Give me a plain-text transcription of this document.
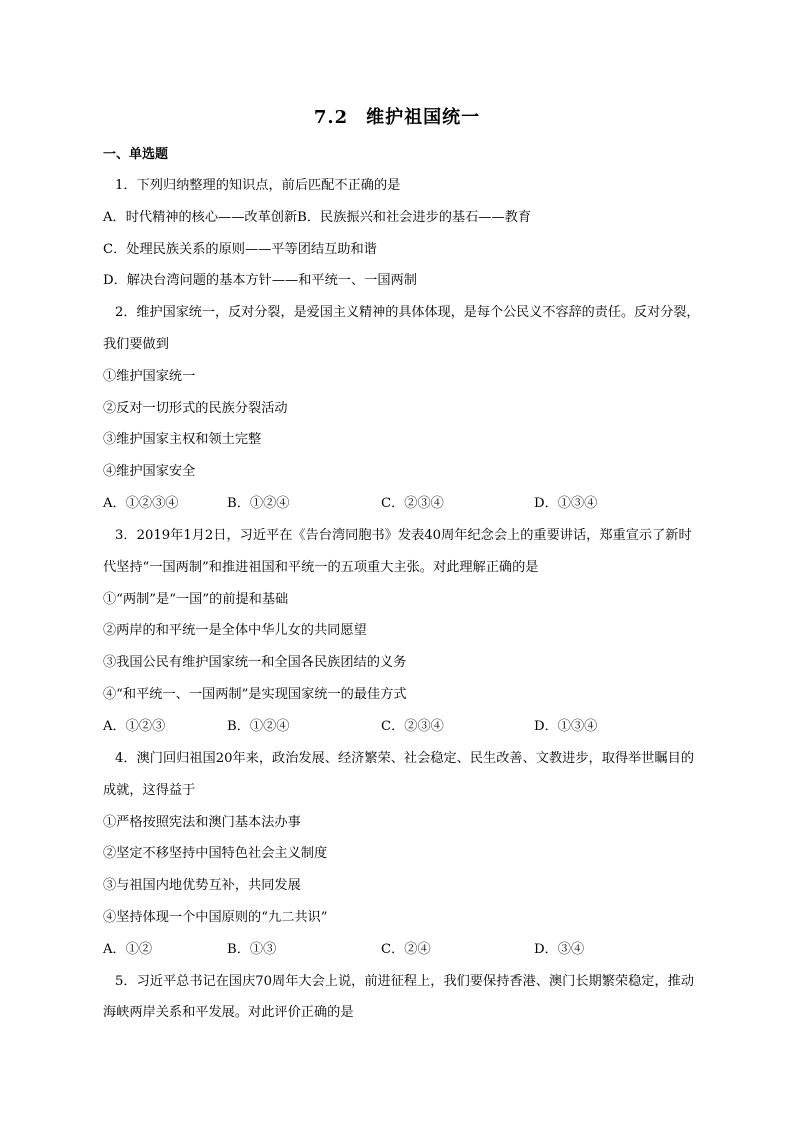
7.2 维护祖国统一
一、单选题
1．下列归纳整理的知识点，前后匹配不正确的是
A．时代精神的核心——改革创新B．民族振兴和社会进步的基石——教育
C．处理民族关系的原则——平等团结互助和谐
D．解决台湾问题的基本方针——和平统一、一国两制
2．维护国家统一，反对分裂，是爱国主义精神的具体体现，是每个公民义不容辞的责任。反对分裂，
我们要做到
①维护国家统一
②反对一切形式的民族分裂活动
③维护国家主权和领土完整
④维护国家安全
A．①②③④	B．①②④	C．②③④	D．①③④
3．2019年1月2日，习近平在《告台湾同胞书》发表40周年纪念会上的重要讲话，郑重宣示了新时
代坚持“一国两制”和推进祖国和平统一的五项重大主张。对此理解正确的是
①“两制”是“一国”的前提和基础
②两岸的和平统一是全体中华儿女的共同愿望
③我国公民有维护国家统一和全国各民族团结的义务
④“和平统一、一国两制”是实现国家统一的最佳方式
A．①②③	B．①②④	C．②③④	D．①③④
4．澳门回归祖国20年来，政治发展、经济繁荣、社会稳定、民生改善、文教进步，取得举世瞩目的
成就，这得益于
①严格按照宪法和澳门基本法办事
②坚定不移坚持中国特色社会主义制度
③与祖国内地优势互补，共同发展
④坚持体现一个中国原则的“九二共识”
A．①②	B．①③	C．②④	D．③④
5．习近平总书记在国庆70周年大会上说，前进征程上，我们要保持香港、澳门长期繁荣稳定，推动
海峡两岸关系和平发展。对此评价正确的是
